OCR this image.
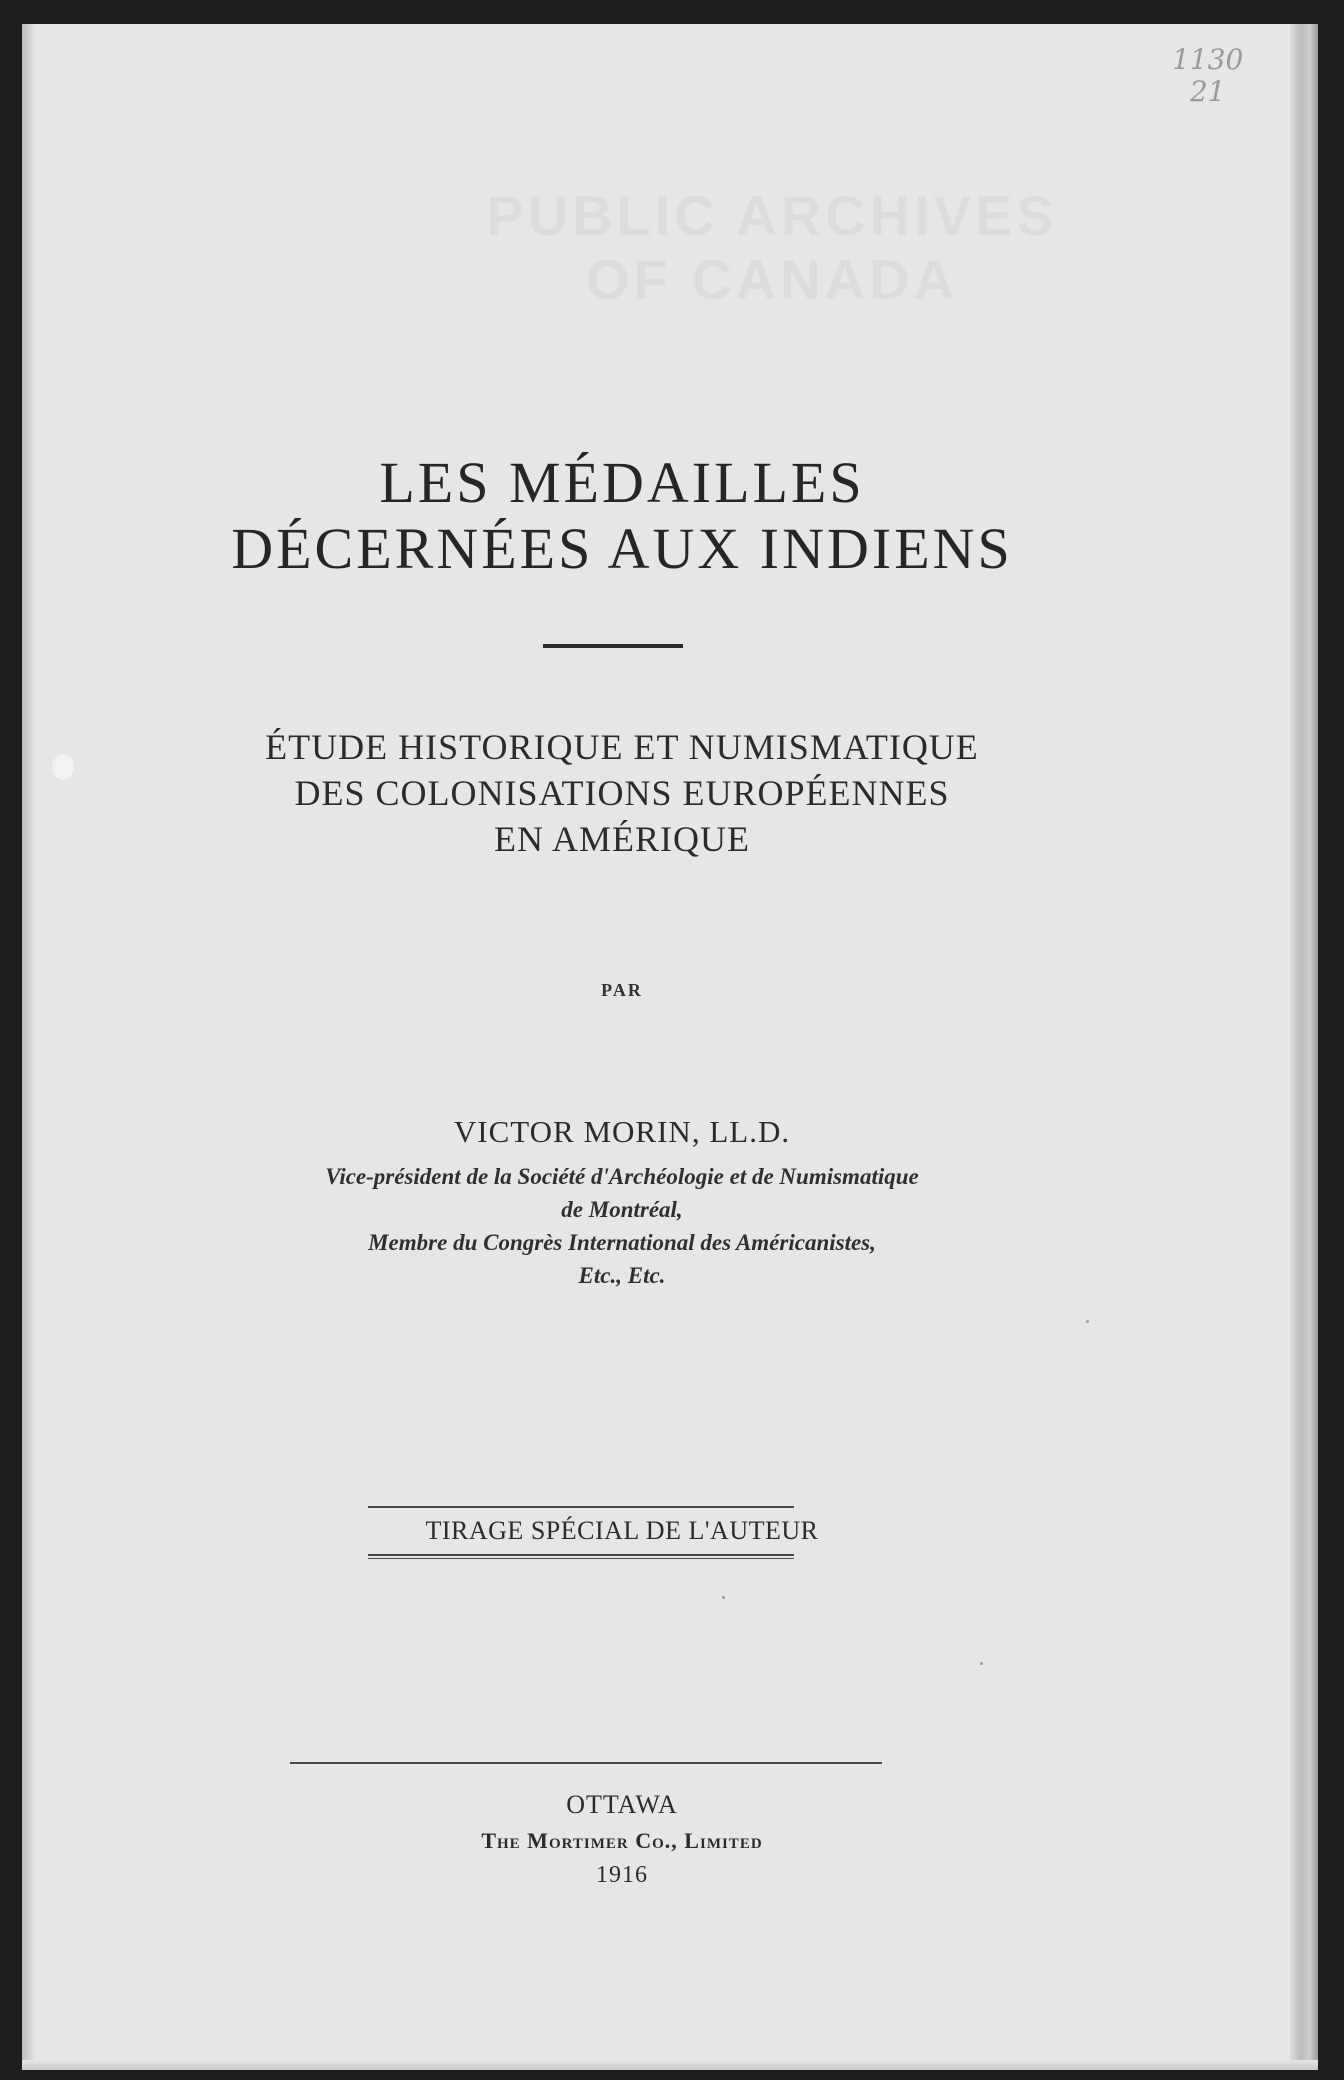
PUBLIC ARCHIVES
OF CANADA
1130
21
LES MÉDAILLES
DÉCERNÉES AUX INDIENS
ÉTUDE HISTORIQUE ET NUMISMATIQUE
DES COLONISATIONS EUROPÉENNES
EN AMÉRIQUE
PAR
VICTOR MORIN, LL.D.
Vice-président de la Société d'Archéologie et de Numismatique
de Montréal,
Membre du Congrès International des Américanistes,
Etc., Etc.
TIRAGE SPÉCIAL DE L'AUTEUR
OTTAWA
The Mortimer Co., Limited
1916
